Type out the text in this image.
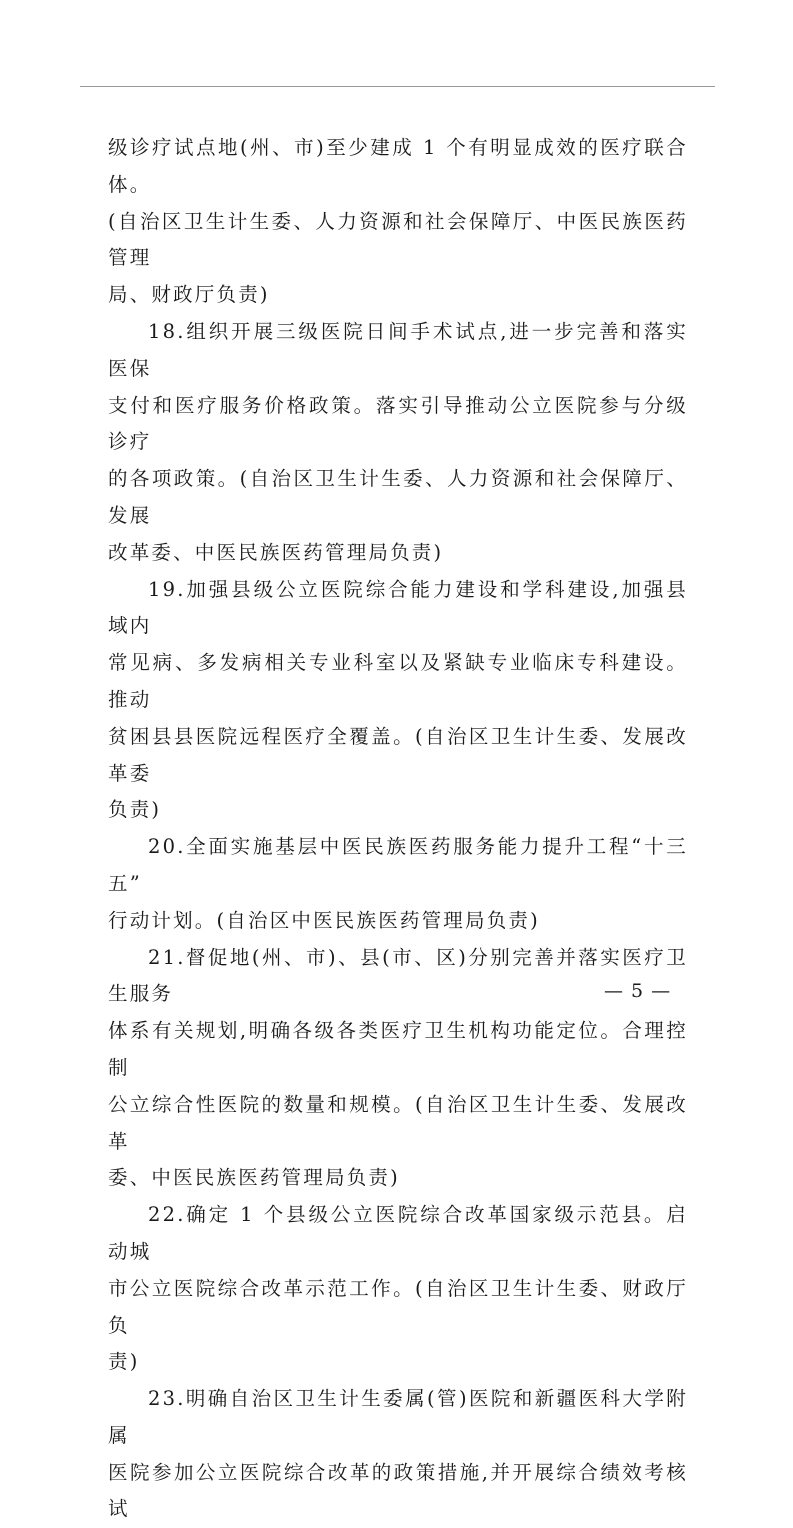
级诊疗试点地(州、市)至少建成 1 个有明显成效的医疗联合体。
(自治区卫生计生委、人力资源和社会保障厅、中医民族医药管理
局、财政厅负责)

18.组织开展三级医院日间手术试点,进一步完善和落实医保
支付和医疗服务价格政策。落实引导推动公立医院参与分级诊疗
的各项政策。(自治区卫生计生委、人力资源和社会保障厅、发展
改革委、中医民族医药管理局负责)

19.加强县级公立医院综合能力建设和学科建设,加强县域内
常见病、多发病相关专业科室以及紧缺专业临床专科建设。推动
贫困县县医院远程医疗全覆盖。(自治区卫生计生委、发展改革委
负责)

20.全面实施基层中医民族医药服务能力提升工程“十三五”
行动计划。(自治区中医民族医药管理局负责)

21.督促地(州、市)、县(市、区)分别完善并落实医疗卫生服务
体系有关规划,明确各级各类医疗卫生机构功能定位。合理控制
公立综合性医院的数量和规模。(自治区卫生计生委、发展改革
委、中医民族医药管理局负责)

22.确定 1 个县级公立医院综合改革国家级示范县。启动城
市公立医院综合改革示范工作。(自治区卫生计生委、财政厅负
责)

23.明确自治区卫生计生委属(管)医院和新疆医科大学附属
医院参加公立医院综合改革的政策措施,并开展综合绩效考核试

— 5 —
